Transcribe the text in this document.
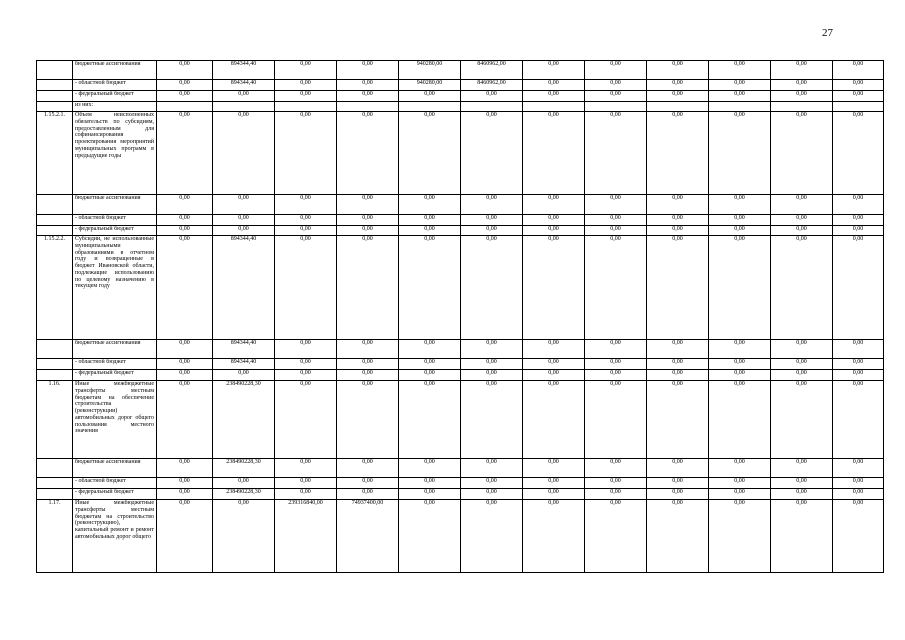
27
	бюджетные ассигнования	0,00	894344,40	0,00	0,00	940280,00	8460962,00	0,00	0,00	0,00	0,00	0,00	0,00
	- областной бюджет	0,00	894344,40	0,00	0,00	940280,00	8460962,00	0,00	0,00	0,00	0,00	0,00	0,00
	- федеральный бюджет	0,00	0,00	0,00	0,00	0,00	0,00	0,00	0,00	0,00	0,00	0,00	0,00
	из них:												
1.15.2.1.	Объем неисполненных обязательств по субсидиям, предоставленным для софинансирования проектирования мероприятий муниципальных программ в предыдущие годы	0,00	0,00	0,00	0,00	0,00	0,00	0,00	0,00	0,00	0,00	0,00	0,00
	бюджетные ассигнования	0,00	0,00	0,00	0,00	0,00	0,00	0,00	0,00	0,00	0,00	0,00	0,00
	- областной бюджет	0,00	0,00	0,00	0,00	0,00	0,00	0,00	0,00	0,00	0,00	0,00	0,00
	- федеральный бюджет	0,00	0,00	0,00	0,00	0,00	0,00	0,00	0,00	0,00	0,00	0,00	0,00
1.15.2.2.	Субсидии, не использованные муниципальными образованиями в отчетном году и возвращенные в бюджет Ивановской области, подлежащие использованию по целевому назначению в текущем году	0,00	894344,40	0,00	0,00	0,00	0,00	0,00	0,00	0,00	0,00	0,00	0,00
	бюджетные ассигнования	0,00	894344,40	0,00	0,00	0,00	0,00	0,00	0,00	0,00	0,00	0,00	0,00
	- областной бюджет	0,00	894344,40	0,00	0,00	0,00	0,00	0,00	0,00	0,00	0,00	0,00	0,00
	- федеральный бюджет	0,00	0,00	0,00	0,00	0,00	0,00	0,00	0,00	0,00	0,00	0,00	0,00
1.16.	Иные межбюджетные трансферты местным бюджетам на обеспечение строительства (реконструкции) автомобильных дорог общего пользования местного значения	0,00	238490228,30	0,00	0,00	0,00	0,00	0,00	0,00	0,00	0,00	0,00	0,00
	бюджетные ассигнования	0,00	238490228,30	0,00	0,00	0,00	0,00	0,00	0,00	0,00	0,00	0,00	0,00
	- областной бюджет	0,00	0,00	0,00	0,00	0,00	0,00	0,00	0,00	0,00	0,00	0,00	0,00
	- федеральный бюджет	0,00	238490228,30	0,00	0,00	0,00	0,00	0,00	0,00	0,00	0,00	0,00	0,00
1.17.	Иные межбюджетные трансферты местным бюджетам на строительство (реконструкцию), капитальный ремонт и ремонт автомобильных дорог общего	0,00	0,00	239316840,00	74937400,00	0,00	0,00	0,00	0,00	0,00	0,00	0,00	0,00
